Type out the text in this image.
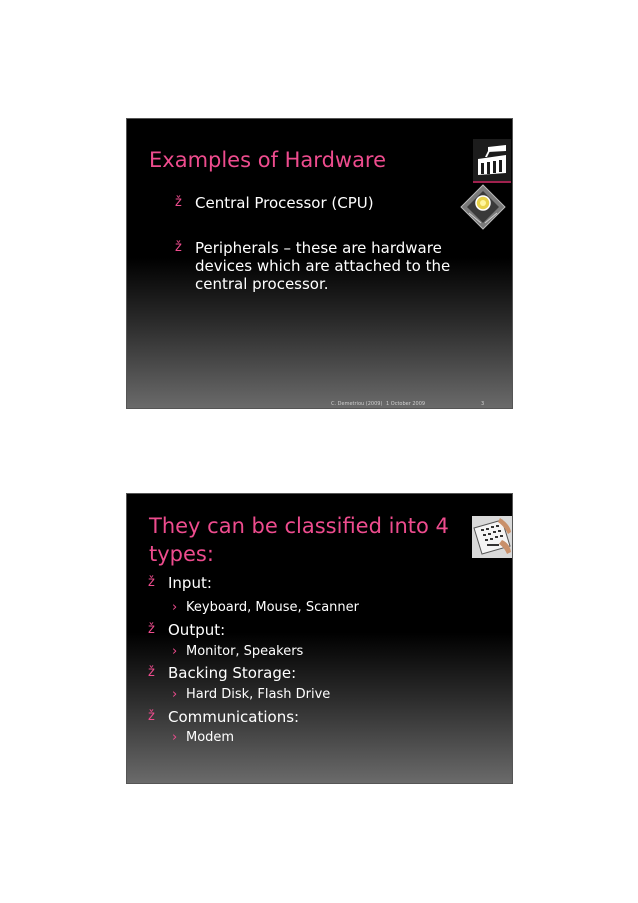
Examples of Hardware
ž Central Processor (CPU)
ž Peripherals – these are hardware devices which are attached to the central processor.
C. Demetriou (2009) 1 October 2009	3
They can be classified into 4 types:
ž Input:
› Keyboard, Mouse, Scanner
ž Output:
› Monitor, Speakers
ž Backing Storage:
› Hard Disk, Flash Drive
ž Communications:
› Modem
